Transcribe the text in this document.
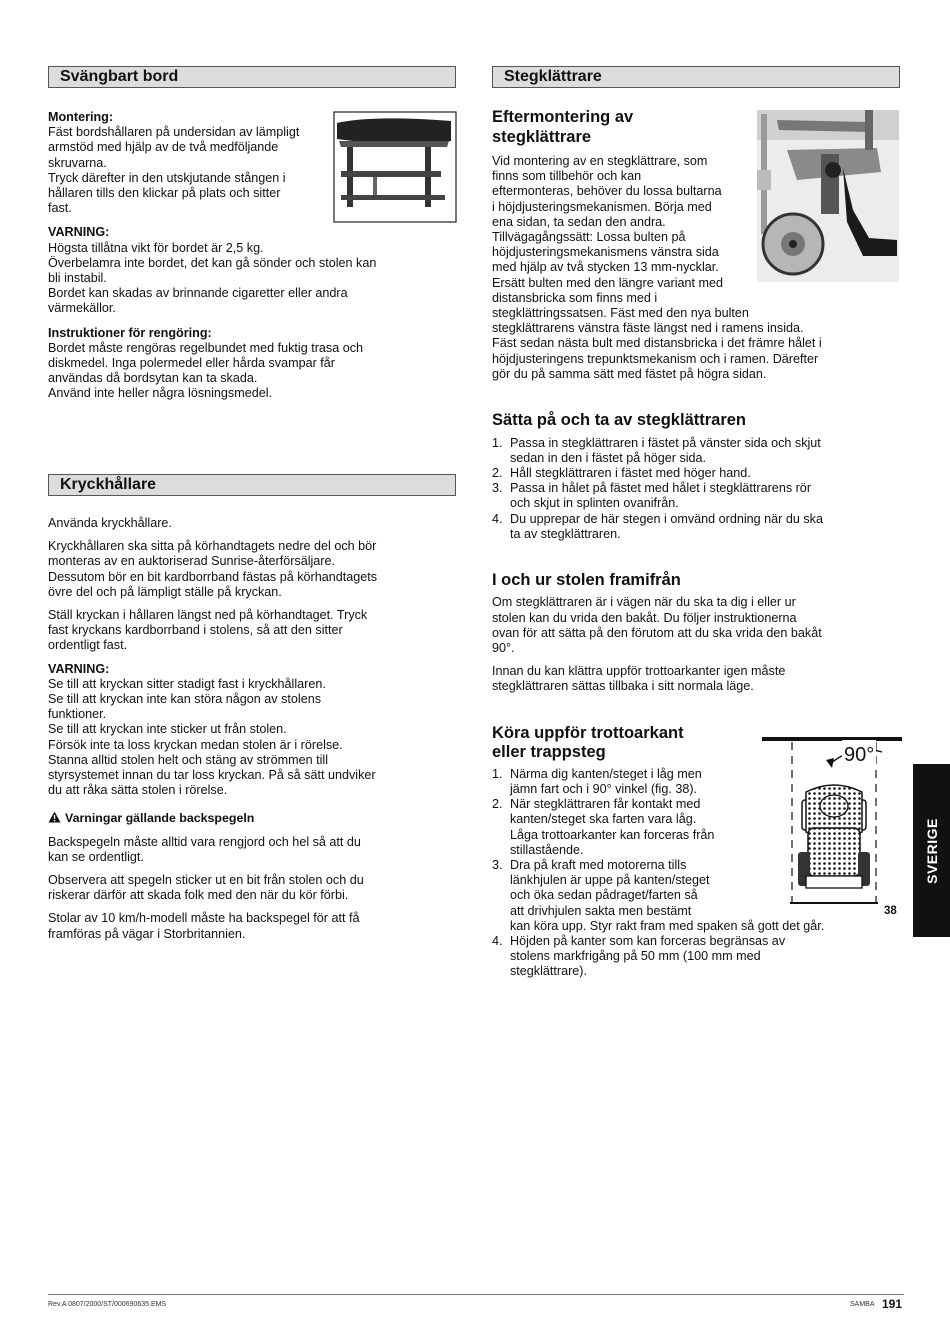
Svängbart bord

Montering:

Fäst bordshållaren på undersidan av lämpligt

armstöd med hjälp av de två medföljande

skruvarna.

Tryck därefter in den utskjutande stången i

hållaren tills den klickar på plats och sitter

fast.

VARNING:

Högsta tillåtna vikt för bordet är 2,5 kg.

Överbelamra inte bordet, det kan gå sönder och stolen kan

bli instabil.

Bordet kan skadas av brinnande cigaretter eller andra

värmekällor.

Instruktioner för rengöring:

Bordet måste rengöras regelbundet med fuktig trasa och

diskmedel. Inga polermedel eller hårda svampar får

användas då bordsytan kan ta skada.

Använd inte heller några lösningsmedel.

Kryckhållare

Använda kryckhållare.

Kryckhållaren ska sitta på körhandtagets nedre del och bör

monteras av en auktoriserad Sunrise-återförsäljare.

Dessutom bör en bit kardborrband fästas på körhandtagets

övre del och på lämpligt ställe på kryckan.

Ställ kryckan i hållaren längst ned på körhandtaget. Tryck

fast kryckans kardborrband i stolens, så att den sitter

ordentligt fast.

VARNING:

Se till att kryckan sitter stadigt fast i kryckhållaren.

Se till att kryckan inte kan störa någon av stolens

funktioner.

Se till att kryckan inte sticker ut från stolen.

Försök inte ta loss kryckan medan stolen är i rörelse.

Stanna alltid stolen helt och stäng av strömmen till

styrsystemet innan du tar loss kryckan. På så sätt undviker

du att råka sätta stolen i rörelse.

Varningar gällande backspegeln

Backspegeln måste alltid vara rengjord och hel så att du

kan se ordentligt.

Observera att spegeln sticker ut en bit från stolen och du

riskerar därför att skada folk med den när du kör förbi.

Stolar av 10 km/h-modell måste ha backspegel för att få

framföras på vägar i Storbritannien.

Stegklättrare

Eftermontering av

stegklättrare

Vid montering av en stegklättrare, som

finns som tillbehör och kan

eftermonteras, behöver du lossa bultarna

i höjdjusteringsmekanismen. Börja med

ena sidan, ta sedan den andra.

Tillvägagångssätt: Lossa bulten på

höjdjusteringsmekanismens vänstra sida

med hjälp av två stycken 13 mm-nycklar.

Ersätt bulten med den längre variant med

distansbricka som finns med i

stegklättringssatsen. Fäst med den nya bulten

stegklättrarens vänstra fäste längst ned i ramens insida.

Fäst sedan nästa bult med distansbricka i det främre hålet i

höjdjusteringens trepunktsmekanism och i ramen. Därefter

gör du på samma sätt med fästet på högra sidan.

Sätta på och ta av stegklättraren

1. Passa in stegklättraren i fästet på vänster sida och skjut
sedan in den i fästet på höger sida.
2. Håll stegklättraren i fästet med höger hand.
3. Passa in hålet på fästet med hålet i stegklättrarens rör
och skjut in splinten ovanifrån.
4. Du upprepar de här stegen i omvänd ordning när du ska
ta av stegklättraren.

I och ur stolen framifrån

Om stegklättraren är i vägen när du ska ta dig i eller ur

stolen kan du vrida den bakåt. Du följer instruktionerna

ovan för att sätta på den förutom att du ska vrida den bakåt

90°.

Innan du kan klättra uppför trottoarkanter igen måste

stegklättraren sättas tillbaka i sitt normala läge.

Köra uppför trottoarkant

eller trappsteg

1. Närma dig kanten/steget i låg men
jämn fart och i 90° vinkel (fig. 38).
2. När stegklättraren får kontakt med
kanten/steget ska farten vara låg.
Låga trottoarkanter kan forceras från
stillastående.
3. Dra på kraft med motorerna tills
länkhjulen är uppe på kanten/steget
och öka sedan pådraget/farten så
att drivhjulen sakta men bestämt
kan köra upp. Styr rakt fram med spaken så gott det går.
4. Höjden på kanter som kan forceras begränsas av
stolens markfrigång på 50 mm (100 mm med
stegklättrare).
90°
38
SVERIGE
Rev.A 0807/2000/ST/000690635.EMS	SAMBA 191
